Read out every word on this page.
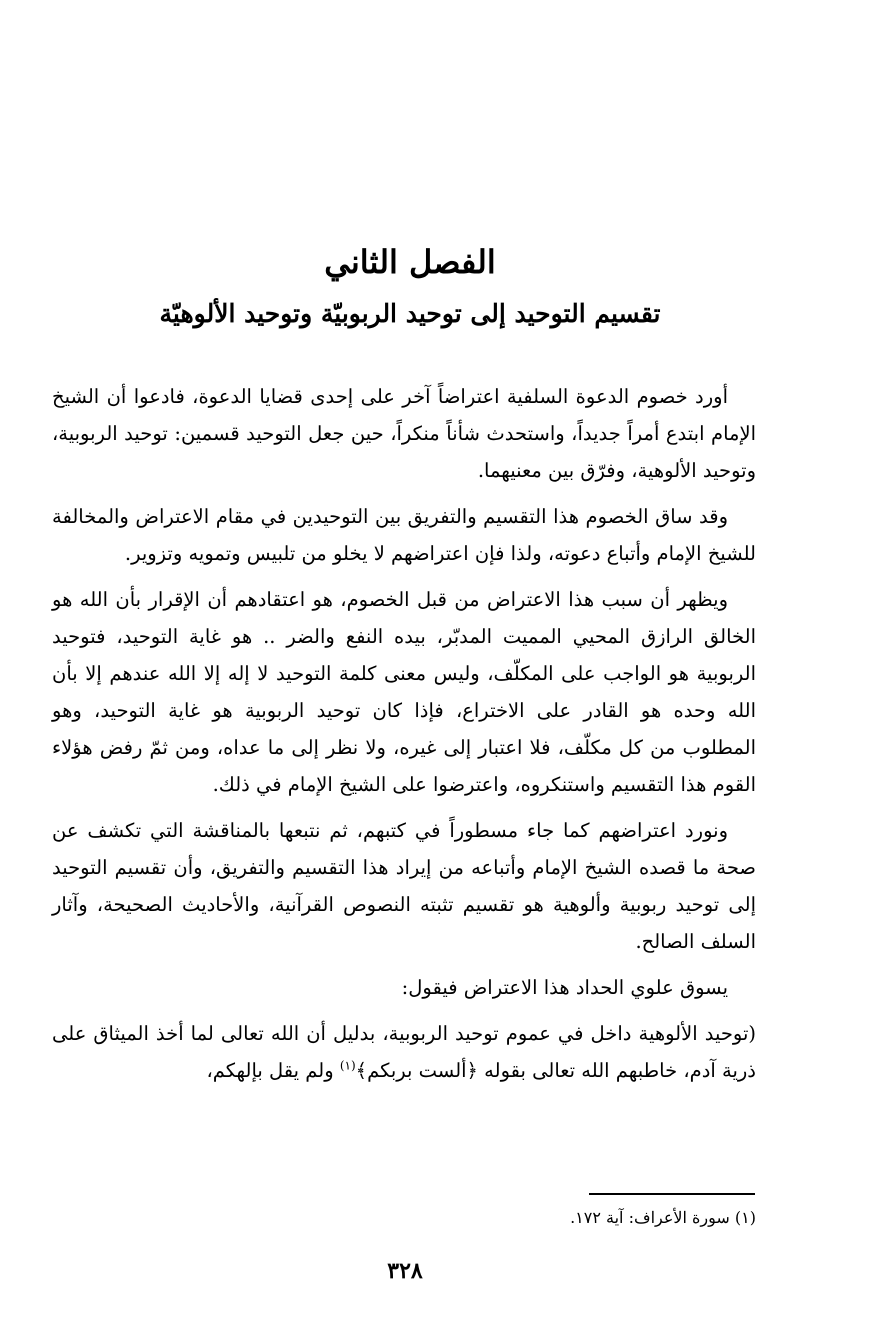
الفصل الثاني
تقسيم التوحيد إلى توحيد الربوبيّة وتوحيد الألوهيّة

أورد خصوم الدعوة السلفية اعتراضاً آخر على إحدى قضايا الدعوة، فادعوا أن الشيخ الإمام ابتدع أمراً جديداً، واستحدث شأناً منكراً، حين جعل التوحيد قسمين: توحيد الربوبية، وتوحيد الألوهية، وفرّق بين معنيهما.

وقد ساق الخصوم هذا التقسيم والتفريق بين التوحيدين في مقام الاعتراض والمخالفة للشيخ الإمام وأتباع دعوته، ولذا فإن اعتراضهم لا يخلو من تلبيس وتمويه وتزوير.

ويظهر أن سبب هذا الاعتراض من قبل الخصوم، هو اعتقادهم أن الإقرار بأن الله هو الخالق الرازق المحيي المميت المدبّر، بيده النفع والضر .. هو غاية التوحيد، فتوحيد الربوبية هو الواجب على المكلّف، وليس معنى كلمة التوحيد لا إله إلا الله عندهم إلا بأن الله وحده هو القادر على الاختراع، فإذا كان توحيد الربوبية هو غاية التوحيد، وهو المطلوب من كل مكلّف، فلا اعتبار إلى غيره، ولا نظر إلى ما عداه، ومن ثمّ رفض هؤلاء القوم هذا التقسيم واستنكروه، واعترضوا على الشيخ الإمام في ذلك.

ونورد اعتراضهم كما جاء مسطوراً في كتبهم، ثم نتبعها بالمناقشة التي تكشف عن صحة ما قصده الشيخ الإمام وأتباعه من إيراد هذا التقسيم والتفريق، وأن تقسيم التوحيد إلى توحيد ربوبية وألوهية هو تقسيم تثبته النصوص القرآنية، والأحاديث الصحيحة، وآثار السلف الصالح.

يسوق علوي الحداد هذا الاعتراض فيقول:

(توحيد الألوهية داخل في عموم توحيد الربوبية، بدليل أن الله تعالى لما أخذ الميثاق على ذرية آدم، خاطبهم الله تعالى بقوله ﴿ألست بربكم﴾$^{(١)}$ ولم يقل بإلهكم،

(١) سورة الأعراف: آية ١٧٢.
٣٢٨
